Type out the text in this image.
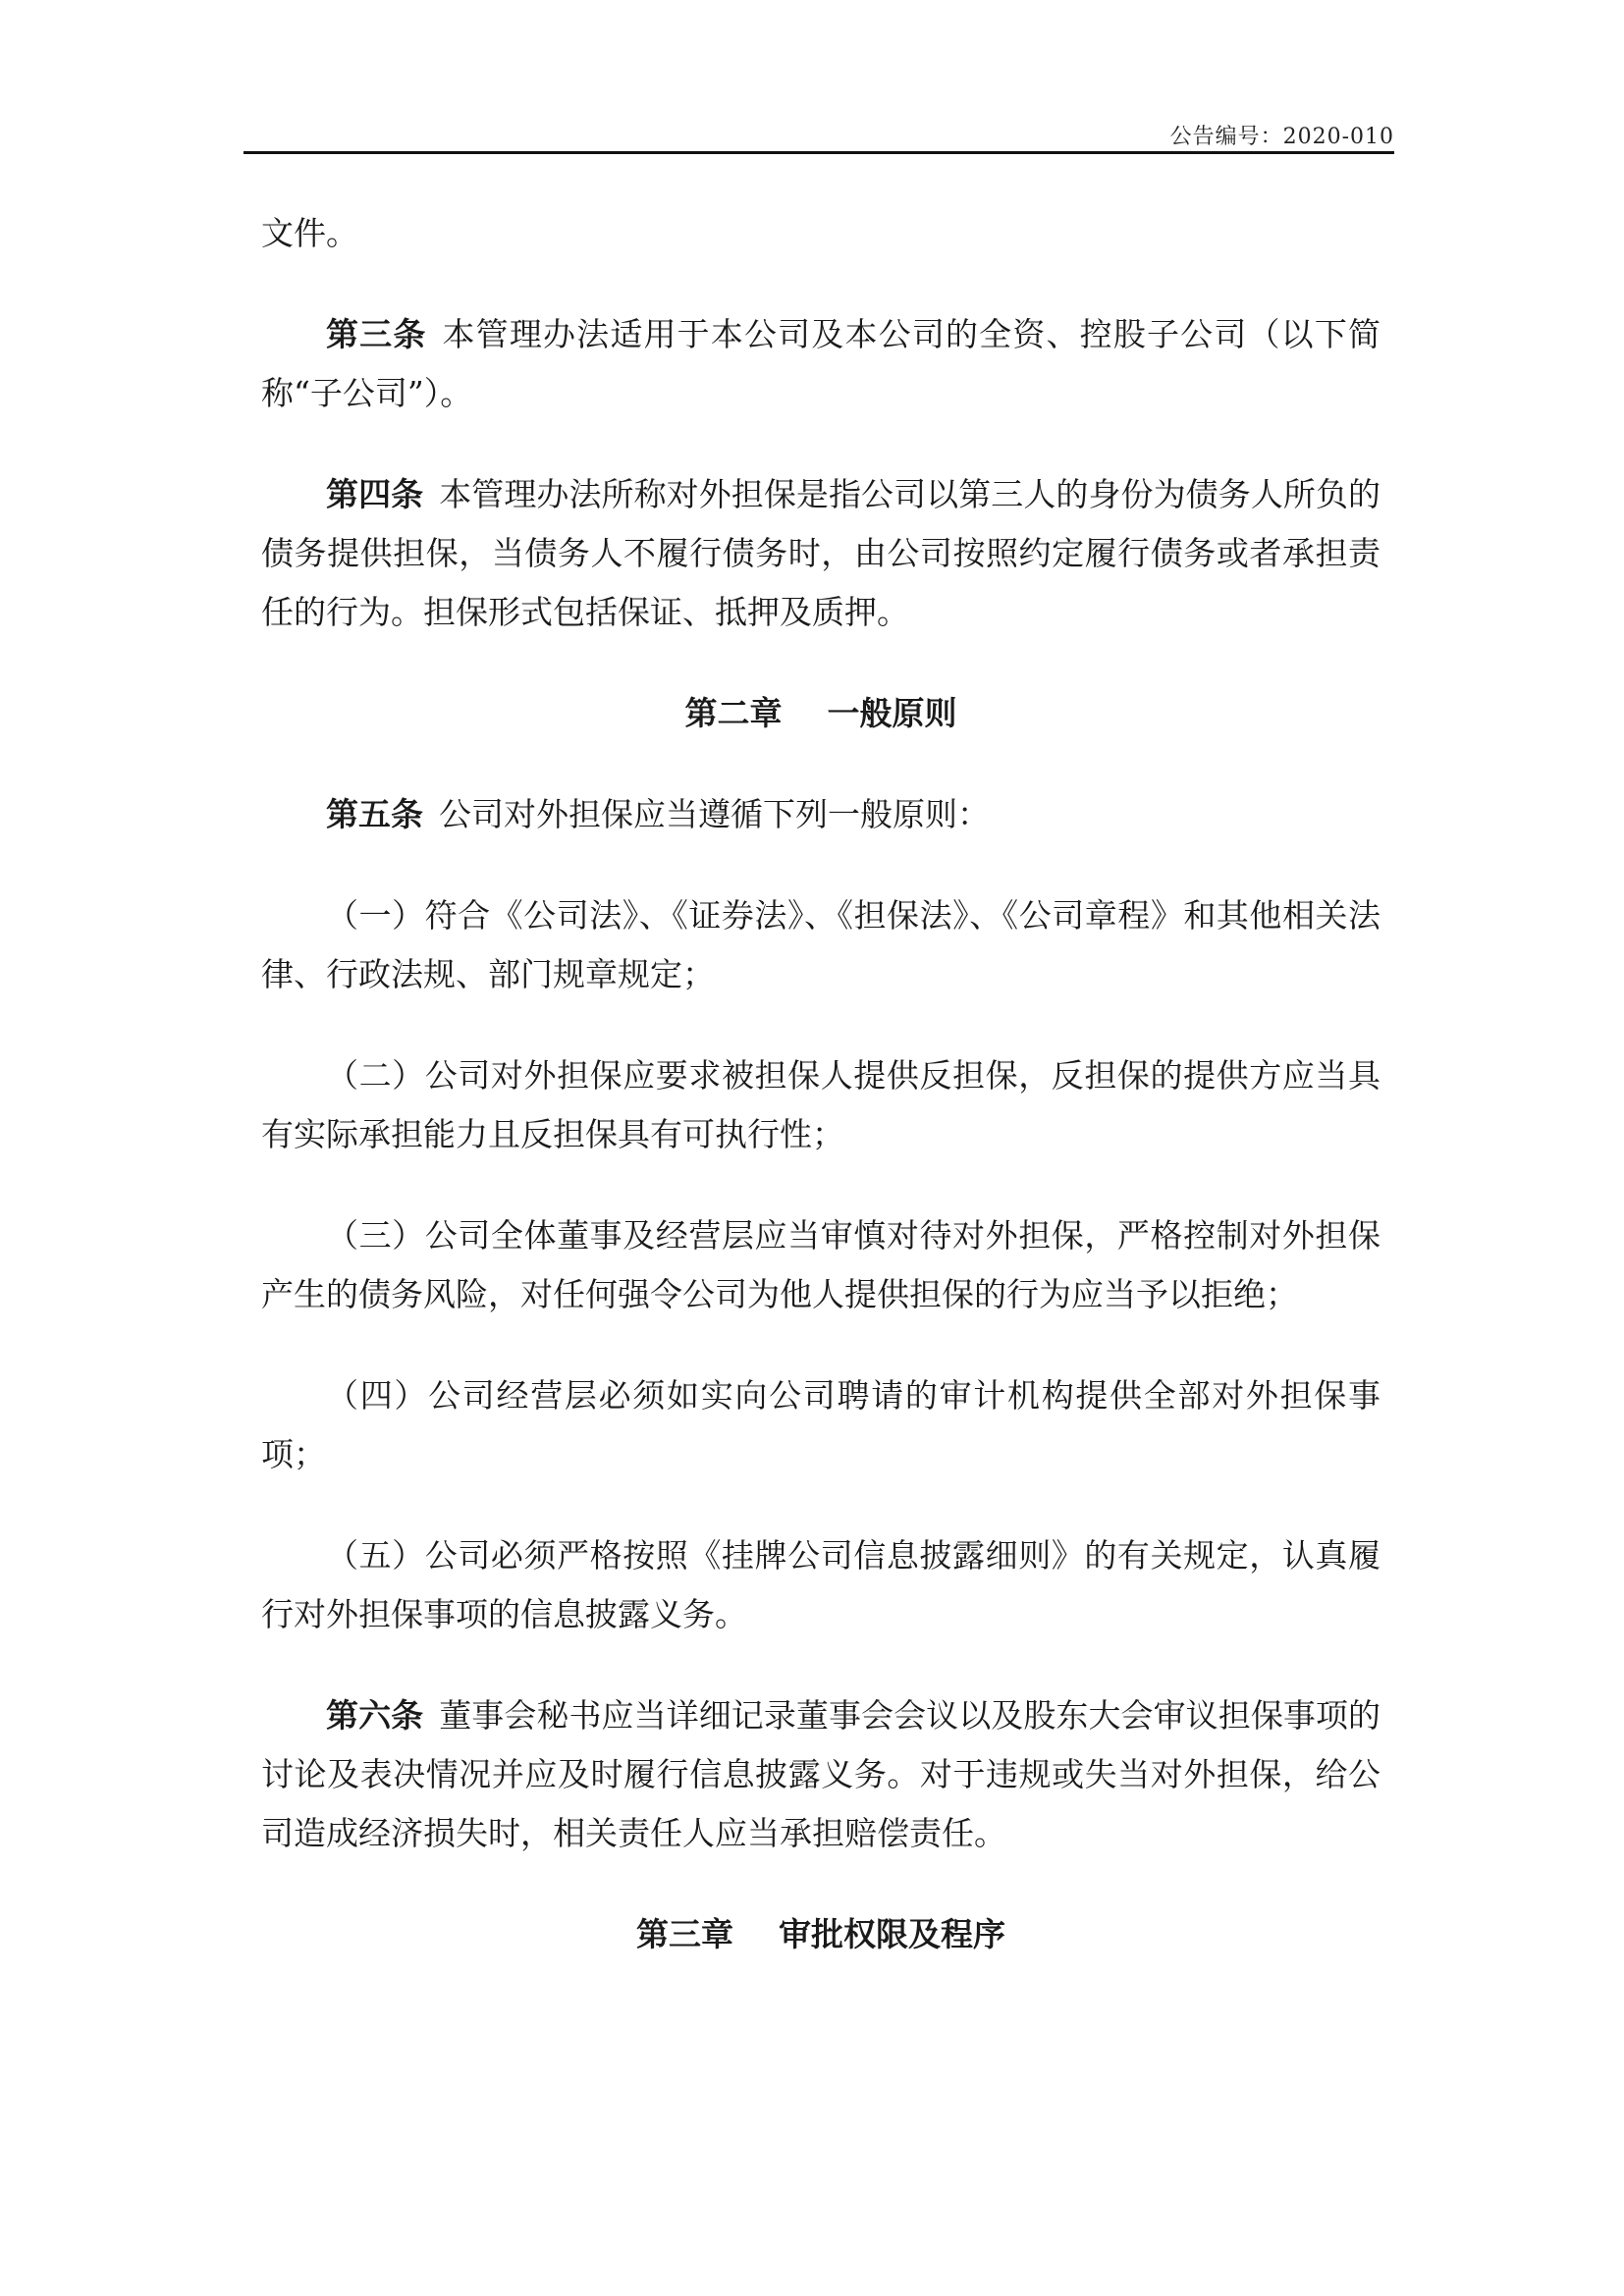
公告编号：2020-010

文件。

第三条 本管理办法适用于本公司及本公司的全资、控股子公司（以下简称“子公司”）。

第四条 本管理办法所称对外担保是指公司以第三人的身份为债务人所负的债务提供担保，当债务人不履行债务时，由公司按照约定履行债务或者承担责任的行为。担保形式包括保证、抵押及质押。

第二章    一般原则

第五条 公司对外担保应当遵循下列一般原则：

（一）符合《公司法》、《证券法》、《担保法》、《公司章程》和其他相关法律、行政法规、部门规章规定；

（二）公司对外担保应要求被担保人提供反担保，反担保的提供方应当具有实际承担能力且反担保具有可执行性；

（三）公司全体董事及经营层应当审慎对待对外担保，严格控制对外担保产生的债务风险，对任何强令公司为他人提供担保的行为应当予以拒绝；

（四）公司经营层必须如实向公司聘请的审计机构提供全部对外担保事项；

（五）公司必须严格按照《挂牌公司信息披露细则》的有关规定，认真履行对外担保事项的信息披露义务。

第六条 董事会秘书应当详细记录董事会会议以及股东大会审议担保事项的讨论及表决情况并应及时履行信息披露义务。对于违规或失当对外担保，给公司造成经济损失时，相关责任人应当承担赔偿责任。

第三章    审批权限及程序
